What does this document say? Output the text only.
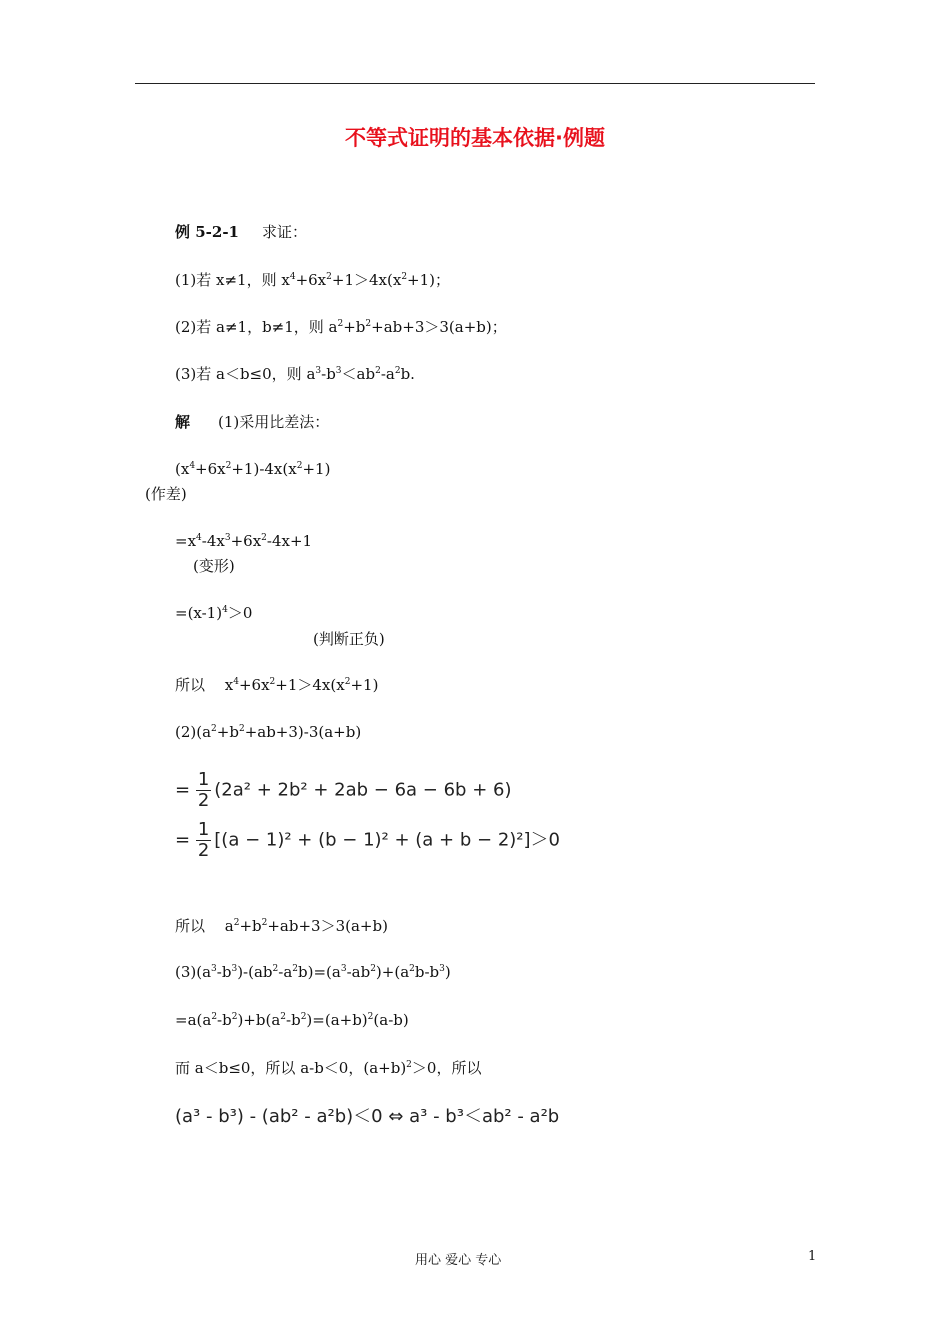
不等式证明的基本依据·例题
例 5-2-1 求证：
(1)若 x≠1，则 $x^4+6x^2+1>4x(x^2+1)$；
(2)若 a≠1，b≠1，则 $a^2+b^2+ab+3>3(a+b)$；
(3)若 a＜b≤0，则 $a^3-b^3<ab^2-a^2b$.
解 (1)采用比差法：
$(x^4+6x^2+1)-4x(x^2+1)$
(作差)
$=x^4-4x^3+6x^2-4x+1$
(变形)
$=(x-1)^4>0$
(判断正负)
所以　 $x^4+6x^2+1>4x(x^2+1)$
$(2)(a^2+b^2+ab+3)-3(a+b)$
= $\frac{1}{2} (2a^2 + 2b^2 + 2ab - 6a - 6b + 6)$
= $\frac{1}{2} [(a - 1)^2 + (b - 1)^2 + (a + b - 2)^2]>0$
所以　 $a^2+b^2+ab+3>3(a+b)$
$(3)(a^3-b^3)-(ab^2-a^2b)=(a^3-ab^2)+(a^2b-b^3)$
$=a(a^2-b^2)+b(a^2-b^2)=(a+b)^2(a-b)$
而 a＜b≤0，所以 a-b＜0，$(a+b)^2>0$，所以
(a³ - b³) - (ab² - a²b)＜0 ⇔ a³ - b³＜ab² - a²b
用心 爱心 专心	1
